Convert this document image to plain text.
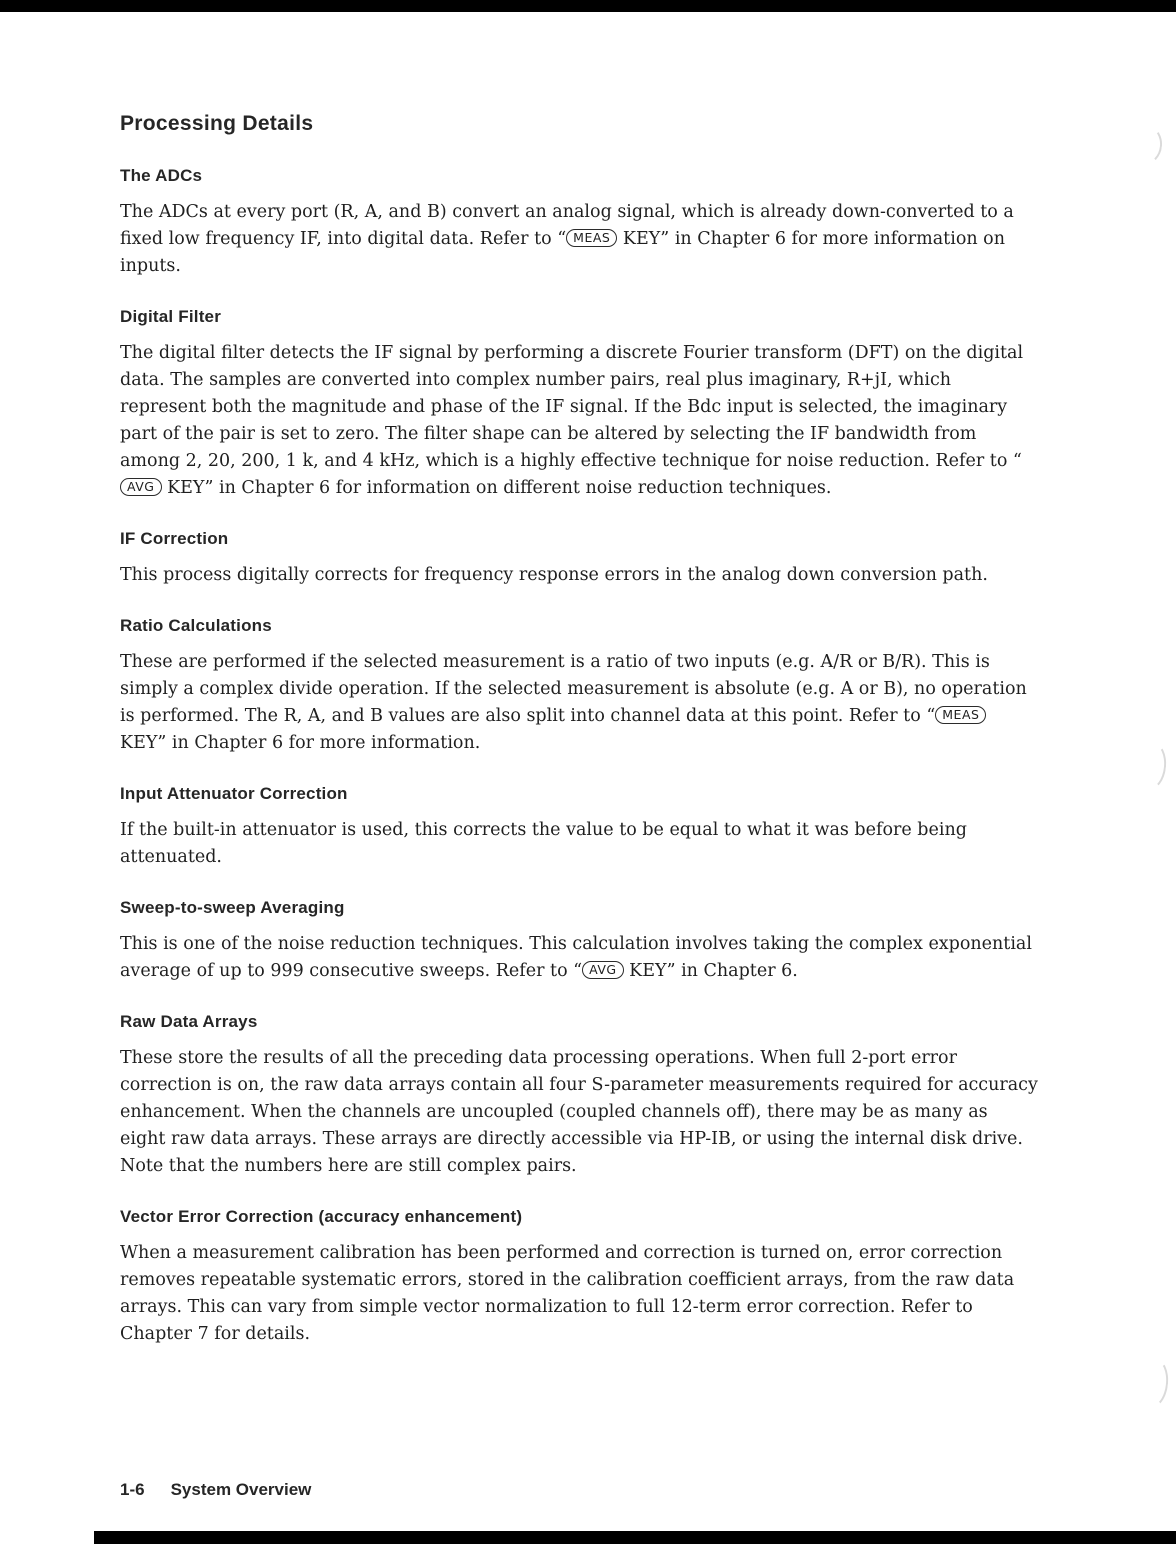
Processing Details
The ADCs

The ADCs at every port (R, A, and B) convert an analog signal, which is already down-converted to a fixed low frequency IF, into digital data. Refer to “ MEAS KEY” in Chapter 6 for more information on inputs.

Digital Filter

The digital filter detects the IF signal by performing a discrete Fourier transform (DFT) on the digital data. The samples are converted into complex number pairs, real plus imaginary, R+jI, which represent both the magnitude and phase of the IF signal. If the Bdc input is selected, the imaginary part of the pair is set to zero. The filter shape can be altered by selecting the IF bandwidth from among 2, 20, 200, 1 k, and 4 kHz, which is a highly effective technique for noise reduction. Refer to “AVG KEY” in Chapter 6 for information on different noise reduction techniques.

IF Correction

This process digitally corrects for frequency response errors in the analog down conversion path.

Ratio Calculations

These are performed if the selected measurement is a ratio of two inputs (e.g. A/R or B/R). This is simply a complex divide operation. If the selected measurement is absolute (e.g. A or B), no operation is performed. The R, A, and B values are also split into channel data at this point. Refer to “ MEAS KEY” in Chapter 6 for more information.

Input Attenuator Correction

If the built-in attenuator is used, this corrects the value to be equal to what it was before being attenuated.

Sweep-to-sweep Averaging

This is one of the noise reduction techniques. This calculation involves taking the complex exponential average of up to 999 consecutive sweeps. Refer to “ AVG KEY” in Chapter 6.

Raw Data Arrays

These store the results of all the preceding data processing operations. When full 2-port error correction is on, the raw data arrays contain all four S-parameter measurements required for accuracy enhancement. When the channels are uncoupled (coupled channels off), there may be as many as eight raw data arrays. These arrays are directly accessible via HP-IB, or using the internal disk drive. Note that the numbers here are still complex pairs.

Vector Error Correction (accuracy enhancement)

When a measurement calibration has been performed and correction is turned on, error correction removes repeatable systematic errors, stored in the calibration coefficient arrays, from the raw data arrays. This can vary from simple vector normalization to full 12-term error correction. Refer to Chapter 7 for details.

1-6 System Overview
